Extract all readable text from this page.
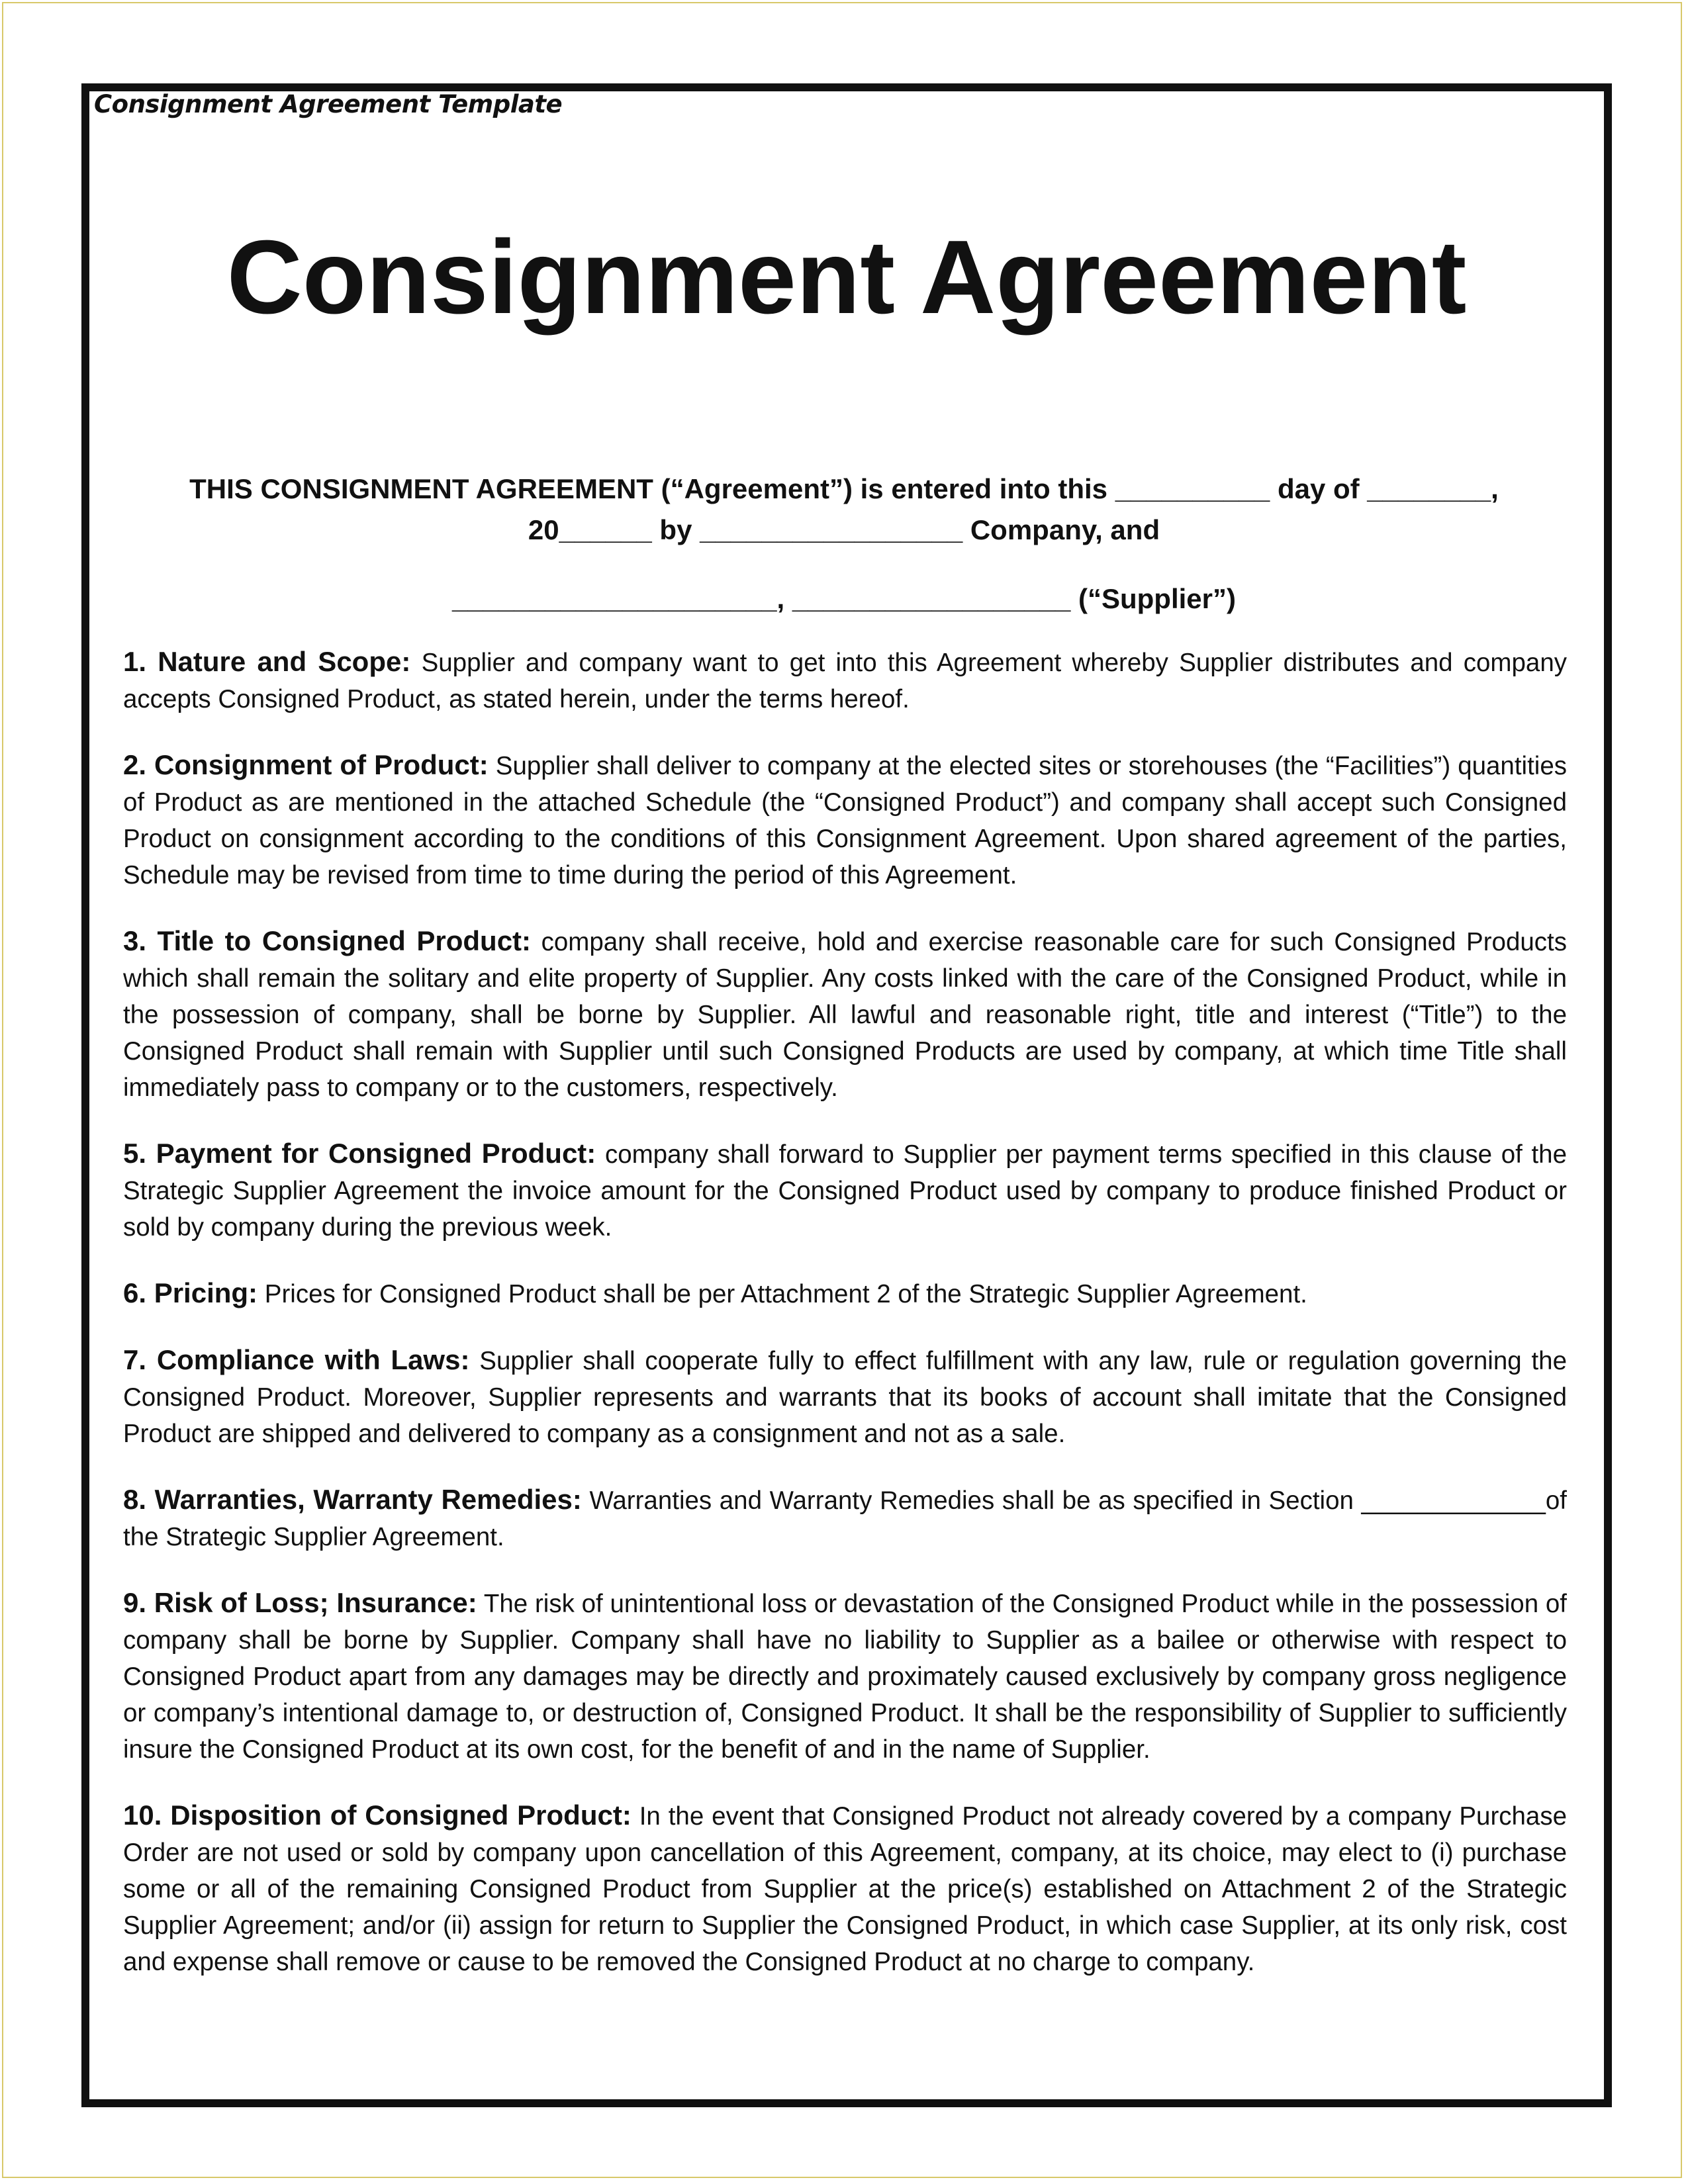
Consignment Agreement Template
Consignment Agreement
THIS CONSIGNMENT AGREEMENT (“Agreement”) is entered into this __________ day of ________,
20______ by _________________ Company, and
_____________________, __________________ (“Supplier”)

1. Nature and Scope: Supplier and company want to get into this Agreement whereby Supplier distributes and company accepts Consigned Product, as stated herein, under the terms hereof.

2. Consignment of Product: Supplier shall deliver to company at the elected sites or storehouses (the “Facilities”) quantities of Product as are mentioned in the attached Schedule (the “Consigned Product”) and company shall accept such Consigned Product on consignment according to the conditions of this Consignment Agreement. Upon shared agreement of the parties, Schedule may be revised from time to time during the period of this Agreement.

3. Title to Consigned Product: company shall receive, hold and exercise reasonable care for such Consigned Products which shall remain the solitary and elite property of Supplier. Any costs linked with the care of the Consigned Product, while in the possession of company, shall be borne by Supplier. All lawful and reasonable right, title and interest (“Title”) to the Consigned Product shall remain with Supplier until such Consigned Products are used by company, at which time Title shall immediately pass to company or to the customers, respectively.

5. Payment for Consigned Product: company shall forward to Supplier per payment terms specified in this clause of the Strategic Supplier Agreement the invoice amount for the Consigned Product used by company to produce finished Product or sold by company during the previous week.

6. Pricing: Prices for Consigned Product shall be per Attachment 2 of the Strategic Supplier Agreement.

7. Compliance with Laws: Supplier shall cooperate fully to effect fulfillment with any law, rule or regulation governing the Consigned Product. Moreover, Supplier represents and warrants that its books of account shall imitate that the Consigned Product are shipped and delivered to company as a consignment and not as a sale.

8. Warranties, Warranty Remedies: Warranties and Warranty Remedies shall be as specified in Section _____________of the Strategic Supplier Agreement.

9. Risk of Loss; Insurance: The risk of unintentional loss or devastation of the Consigned Product while in the possession of company shall be borne by Supplier. Company shall have no liability to Supplier as a bailee or otherwise with respect to Consigned Product apart from any damages may be directly and proximately caused exclusively by company gross negligence or company’s intentional damage to, or destruction of, Consigned Product. It shall be the responsibility of Supplier to sufficiently insure the Consigned Product at its own cost, for the benefit of and in the name of Supplier.

10. Disposition of Consigned Product: In the event that Consigned Product not already covered by a company Purchase Order are not used or sold by company upon cancellation of this Agreement, company, at its choice, may elect to (i) purchase some or all of the remaining Consigned Product from Supplier at the price(s) established on Attachment 2 of the Strategic Supplier Agreement; and/or (ii) assign for return to Supplier the Consigned Product, in which case Supplier, at its only risk, cost and expense shall remove or cause to be removed the Consigned Product at no charge to company.
